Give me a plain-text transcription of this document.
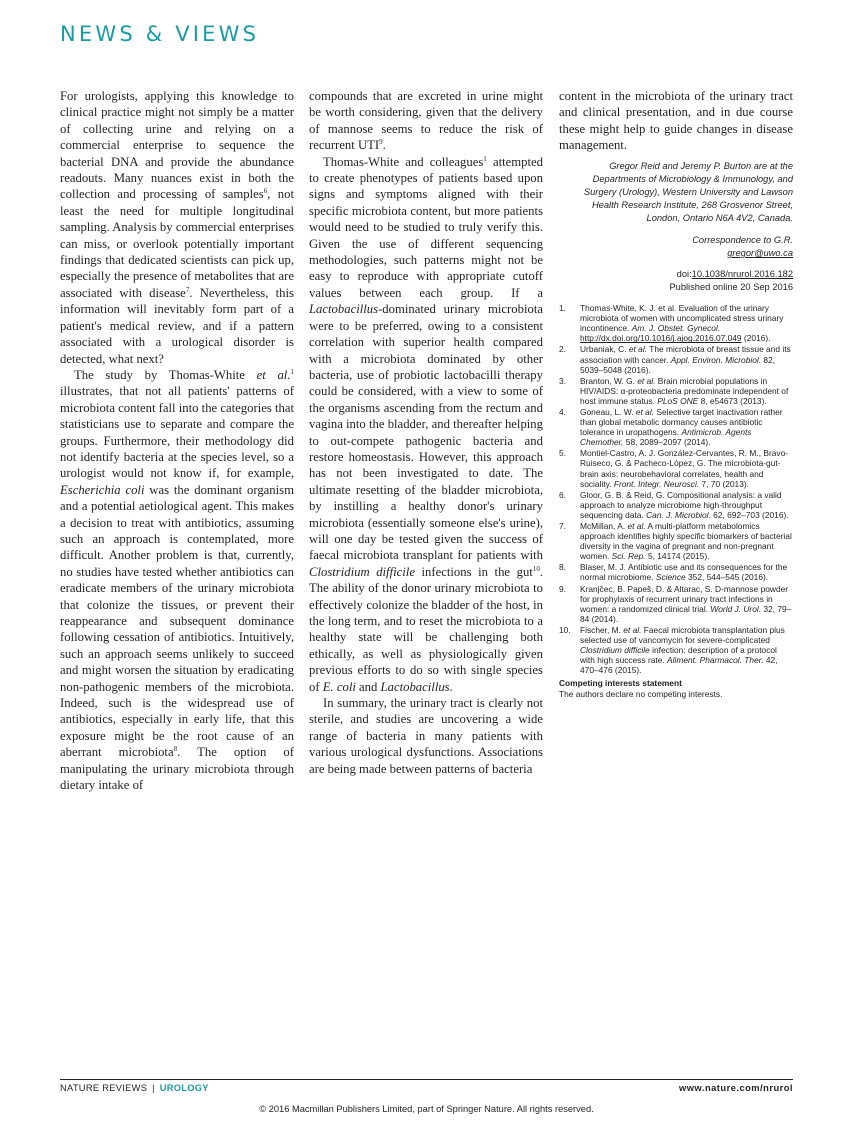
NEWS & VIEWS

For urologists, applying this knowledge to clinical practice might not simply be a matter of collecting urine and relying on a commercial enterprise to sequence the bacterial DNA and provide the abundance readouts. Many nuances exist in both the collection and processing of samples$^6$, not least the need for multiple longitudinal sampling. Analysis by commercial enterprises can miss, or overlook potentially important findings that dedicated scientists can pick up, especially the presence of metabolites that are associated with disease$^7$. Nevertheless, this information will inevitably form part of a patient's medical review, and if a pattern associated with a urological disorder is detected, what next?

The study by Thomas-White et al.$^1$ illustrates, that not all patients' patterns of microbiota content fall into the categories that statisticians use to separate and compare the groups. Furthermore, their methodology did not identify bacteria at the species level, so a urologist would not know if, for example, Escherichia coli was the dominant organism and a potential aetiological agent. This makes a decision to treat with antibiotics, assuming such an approach is contemplated, more difficult. Another problem is that, currently, no studies have tested whether antibiotics can eradicate members of the urinary microbiota that colonize the tissues, or prevent their reappearance and subsequent dominance following cessation of antibiotics. Intuitively, such an approach seems unlikely to succeed and might worsen the situation by eradicating non-pathogenic members of the microbiota. Indeed, such is the widespread use of antibiotics, especially in early life, that this exposure might be the root cause of an aberrant microbiota$^8$. The option of manipulating the urinary microbiota through dietary intake of

compounds that are excreted in urine might be worth considering, given that the delivery of mannose seems to reduce the risk of recurrent UTI$^9$.

Thomas-White and colleagues$^1$ attempted to create phenotypes of patients based upon signs and symptoms aligned with their specific microbiota content, but more patients would need to be studied to truly verify this. Given the use of different sequencing methodologies, such patterns might not be easy to reproduce with appropriate cutoff values between each group. If a Lactobacillus-dominated urinary microbiota were to be preferred, owing to a consistent correlation with superior health compared with a microbiota dominated by other bacteria, use of probiotic lactobacilli therapy could be considered, with a view to some of the organisms ascending from the rectum and vagina into the bladder, and thereafter helping to out-compete pathogenic bacteria and restore homeostasis. However, this approach has not been investigated to date. The ultimate resetting of the bladder microbiota, by instilling a healthy donor's urinary microbiota (essentially someone else's urine), will one day be tested given the success of faecal microbiota transplant for patients with Clostridium difficile infections in the gut$^{10}$. The ability of the donor urinary microbiota to effectively colonize the bladder of the host, in the long term, and to reset the microbiota to a healthy state will be challenging both ethically, as well as physiologically given previous efforts to do so with single species of E. coli and Lactobacillus.

In summary, the urinary tract is clearly not sterile, and studies are uncovering a wide range of bacteria in many patients with various urological dysfunctions. Associations are being made between patterns of bacteria

content in the microbiota of the urinary tract and clinical presentation, and in due course these might help to guide changes in disease management.

Gregor Reid and Jeremy P. Burton are at the Departments of Microbiology & Immunology, and Surgery (Urology), Western University and Lawson Health Research Institute, 268 Grosvenor Street, London, Ontario N6A 4V2, Canada.
Correspondence to G.R.
gregor@uwo.ca
doi:10.1038/nrurol.2016.182
Published online 20 Sep 2016
1.	Thomas-White, K. J. et al. Evaluation of the urinary microbiota of women with uncomplicated stress urinary incontinence. Am. J. Obstet. Gynecol. http://dx.doi.org/10.1016/j.ajog.2016.07.049 (2016).
2.	Urbaniak, C. et al. The microbiota of breast tissue and its association with cancer. Appl. Environ. Microbiol. 82, 5039–5048 (2016).
3.	Branton, W. G. et al. Brain microbial populations in HIV/AIDS: α-proteobacteria predominate independent of host immune status. PLoS ONE 8, e54673 (2013).
4.	Goneau, L. W. et al. Selective target inactivation rather than global metabolic dormancy causes antibiotic tolerance in uropathogens. Antimicrob. Agents Chemother. 58, 2089–2097 (2014).
5.	Montiel-Castro, A. J. González-Cervantes, R. M., Bravo-Ruiseco, G. & Pacheco-López, G. The microbiota-gut-brain axis: neurobehavioral correlates, health and sociality. Front. Integr. Neurosci. 7, 70 (2013).
6.	Gloor, G. B. & Reid, G. Compositional analysis: a valid approach to analyze microbiome high-throughput sequencing data. Can. J. Microbiol. 62, 692–703 (2016).
7.	McMillan, A. et al. A multi-platform metabolomics approach identifies highly specific biomarkers of bacterial diversity in the vagina of pregnant and non-pregnant women. Sci. Rep. 5, 14174 (2015).
8.	Blaser, M. J. Antibiotic use and its consequences for the normal microbiome. Science 352, 544–545 (2016).
9.	Kranjčec, B. Papeš, D. & Altarac, S. D-mannose powder for prophylaxis of recurrent urinary tract infections in women: a randomized clinical trial. World J. Urol. 32, 79–84 (2014).
10.	Fischer, M. et al. Faecal microbiota transplantation plus selected use of vancomycin for severe-complicated Clostridium difficile infection: description of a protocol with high success rate. Aliment. Pharmacol. Ther. 42, 470–476 (2015).
Competing interests statement
The authors declare no competing interests.
NATURE REVIEWS | UROLOGY	www.nature.com/nrurol
© 2016 Macmillan Publishers Limited, part of Springer Nature. All rights reserved.
